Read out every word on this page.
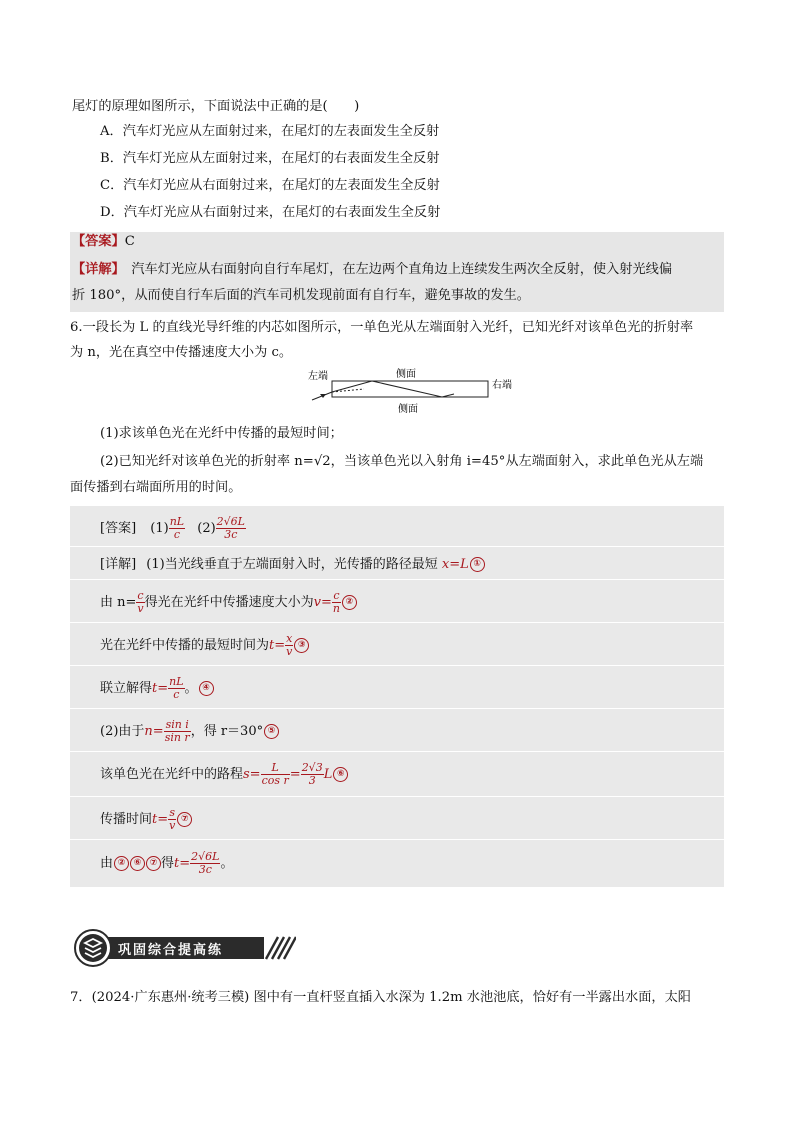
尾灯的原理如图所示，下面说法中正确的是(　　)
A．汽车灯光应从左面射过来，在尾灯的左表面发生全反射
B．汽车灯光应从左面射过来，在尾灯的右表面发生全反射
C．汽车灯光应从右面射过来，在尾灯的左表面发生全反射
D．汽车灯光应从右面射过来，在尾灯的右表面发生全反射
【答案】C
【详解】　汽车灯光应从右面射向自行车尾灯，在左边两个直角边上连续发生两次全反射，使入射光线偏
折 180°，从而使自行车后面的汽车司机发现前面有自行车，避免事故的发生。
6.一段长为 L 的直线光导纤维的内芯如图所示，一单色光从左端面射入光纤，已知光纤对该单色光的折射率
为 n，光在真空中传播速度大小为 c。
左端
右端
侧面
侧面
(1)求该单色光在光纤中传播的最短时间；
(2)已知光纤对该单色光的折射率 n=√2，当该单色光以入射角 i=45°从左端面射入，求此单色光从左端
面传播到右端面所用的时间。
[答案] $(1) \frac{nL}{c} (2) \frac{2√6L}{3c}$
[详解] (1)当光线垂直于左端面射入时，光传播的路径最短 x=L ①
由 $n= \frac{c}{v}$ 得光在光纤中传播速度大小为$v= \frac{c}{n}$ ②
光在光纤中传播的最短时间为$t= \frac{x}{v}$ ③
联立解得$t= \frac{nL}{c}$ 。 ④
(2)由于$n= \frac{\text{sin i}}{\text{sin r}}$ ，得 r＝30° ⑤
该单色光在光纤中的路程$s= \frac{L}{\text{cos r}} = \frac{2√3}{3}$ L ⑥
传播时间$t= \frac{s}{v}$ ⑦
由 ② ⑥ ⑦ 得$t= \frac{2√6L}{3c}$ 。
巩固综合提高练
7．(2024·广东惠州·统考三模) 图中有一直杆竖直插入水深为 1.2m 水池池底，恰好有一半露出水面，太阳
